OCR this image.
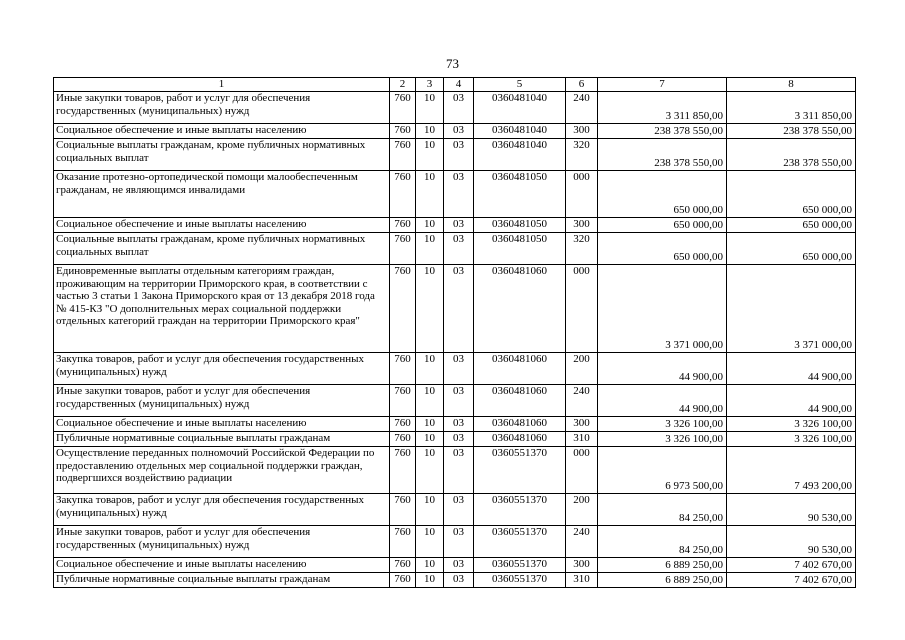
73
1	2	3	4	5	6	7	8
Иные закупки товаров, работ и услуг для обеспечения государственных (муниципальных) нужд	760	10	03	0360481040	240	3 311 850,00	3 311 850,00
Социальное обеспечение и иные выплаты населению	760	10	03	0360481040	300	238 378 550,00	238 378 550,00
Социальные выплаты гражданам, кроме публичных нормативных социальных выплат	760	10	03	0360481040	320	238 378 550,00	238 378 550,00
Оказание протезно-ортопедической помощи малообеспеченным гражданам, не являющимся инвалидами	760	10	03	0360481050	000	650 000,00	650 000,00
Социальное обеспечение и иные выплаты населению	760	10	03	0360481050	300	650 000,00	650 000,00
Социальные выплаты гражданам, кроме публичных нормативных социальных выплат	760	10	03	0360481050	320	650 000,00	650 000,00
Единовременные выплаты отдельным категориям граждан, проживающим на территории Приморского края, в соответствии с частью 3 статьи 1 Закона Приморского края от 13 декабря 2018 года № 415-КЗ "О дополнительных мерах социальной поддержки отдельных категорий граждан на территории Приморского края"	760	10	03	0360481060	000	3 371 000,00	3 371 000,00
Закупка товаров, работ и услуг для обеспечения государственных (муниципальных) нужд	760	10	03	0360481060	200	44 900,00	44 900,00
Иные закупки товаров, работ и услуг для обеспечения государственных (муниципальных) нужд	760	10	03	0360481060	240	44 900,00	44 900,00
Социальное обеспечение и иные выплаты населению	760	10	03	0360481060	300	3 326 100,00	3 326 100,00
Публичные нормативные социальные выплаты гражданам	760	10	03	0360481060	310	3 326 100,00	3 326 100,00
Осуществление переданных полномочий Российской Федерации по предоставлению отдельных мер социальной поддержки граждан, подвергшихся воздействию радиации	760	10	03	0360551370	000	6 973 500,00	7 493 200,00
Закупка товаров, работ и услуг для обеспечения государственных (муниципальных) нужд	760	10	03	0360551370	200	84 250,00	90 530,00
Иные закупки товаров, работ и услуг для обеспечения государственных (муниципальных) нужд	760	10	03	0360551370	240	84 250,00	90 530,00
Социальное обеспечение и иные выплаты населению	760	10	03	0360551370	300	6 889 250,00	7 402 670,00
Публичные нормативные социальные выплаты гражданам	760	10	03	0360551370	310	6 889 250,00	7 402 670,00
